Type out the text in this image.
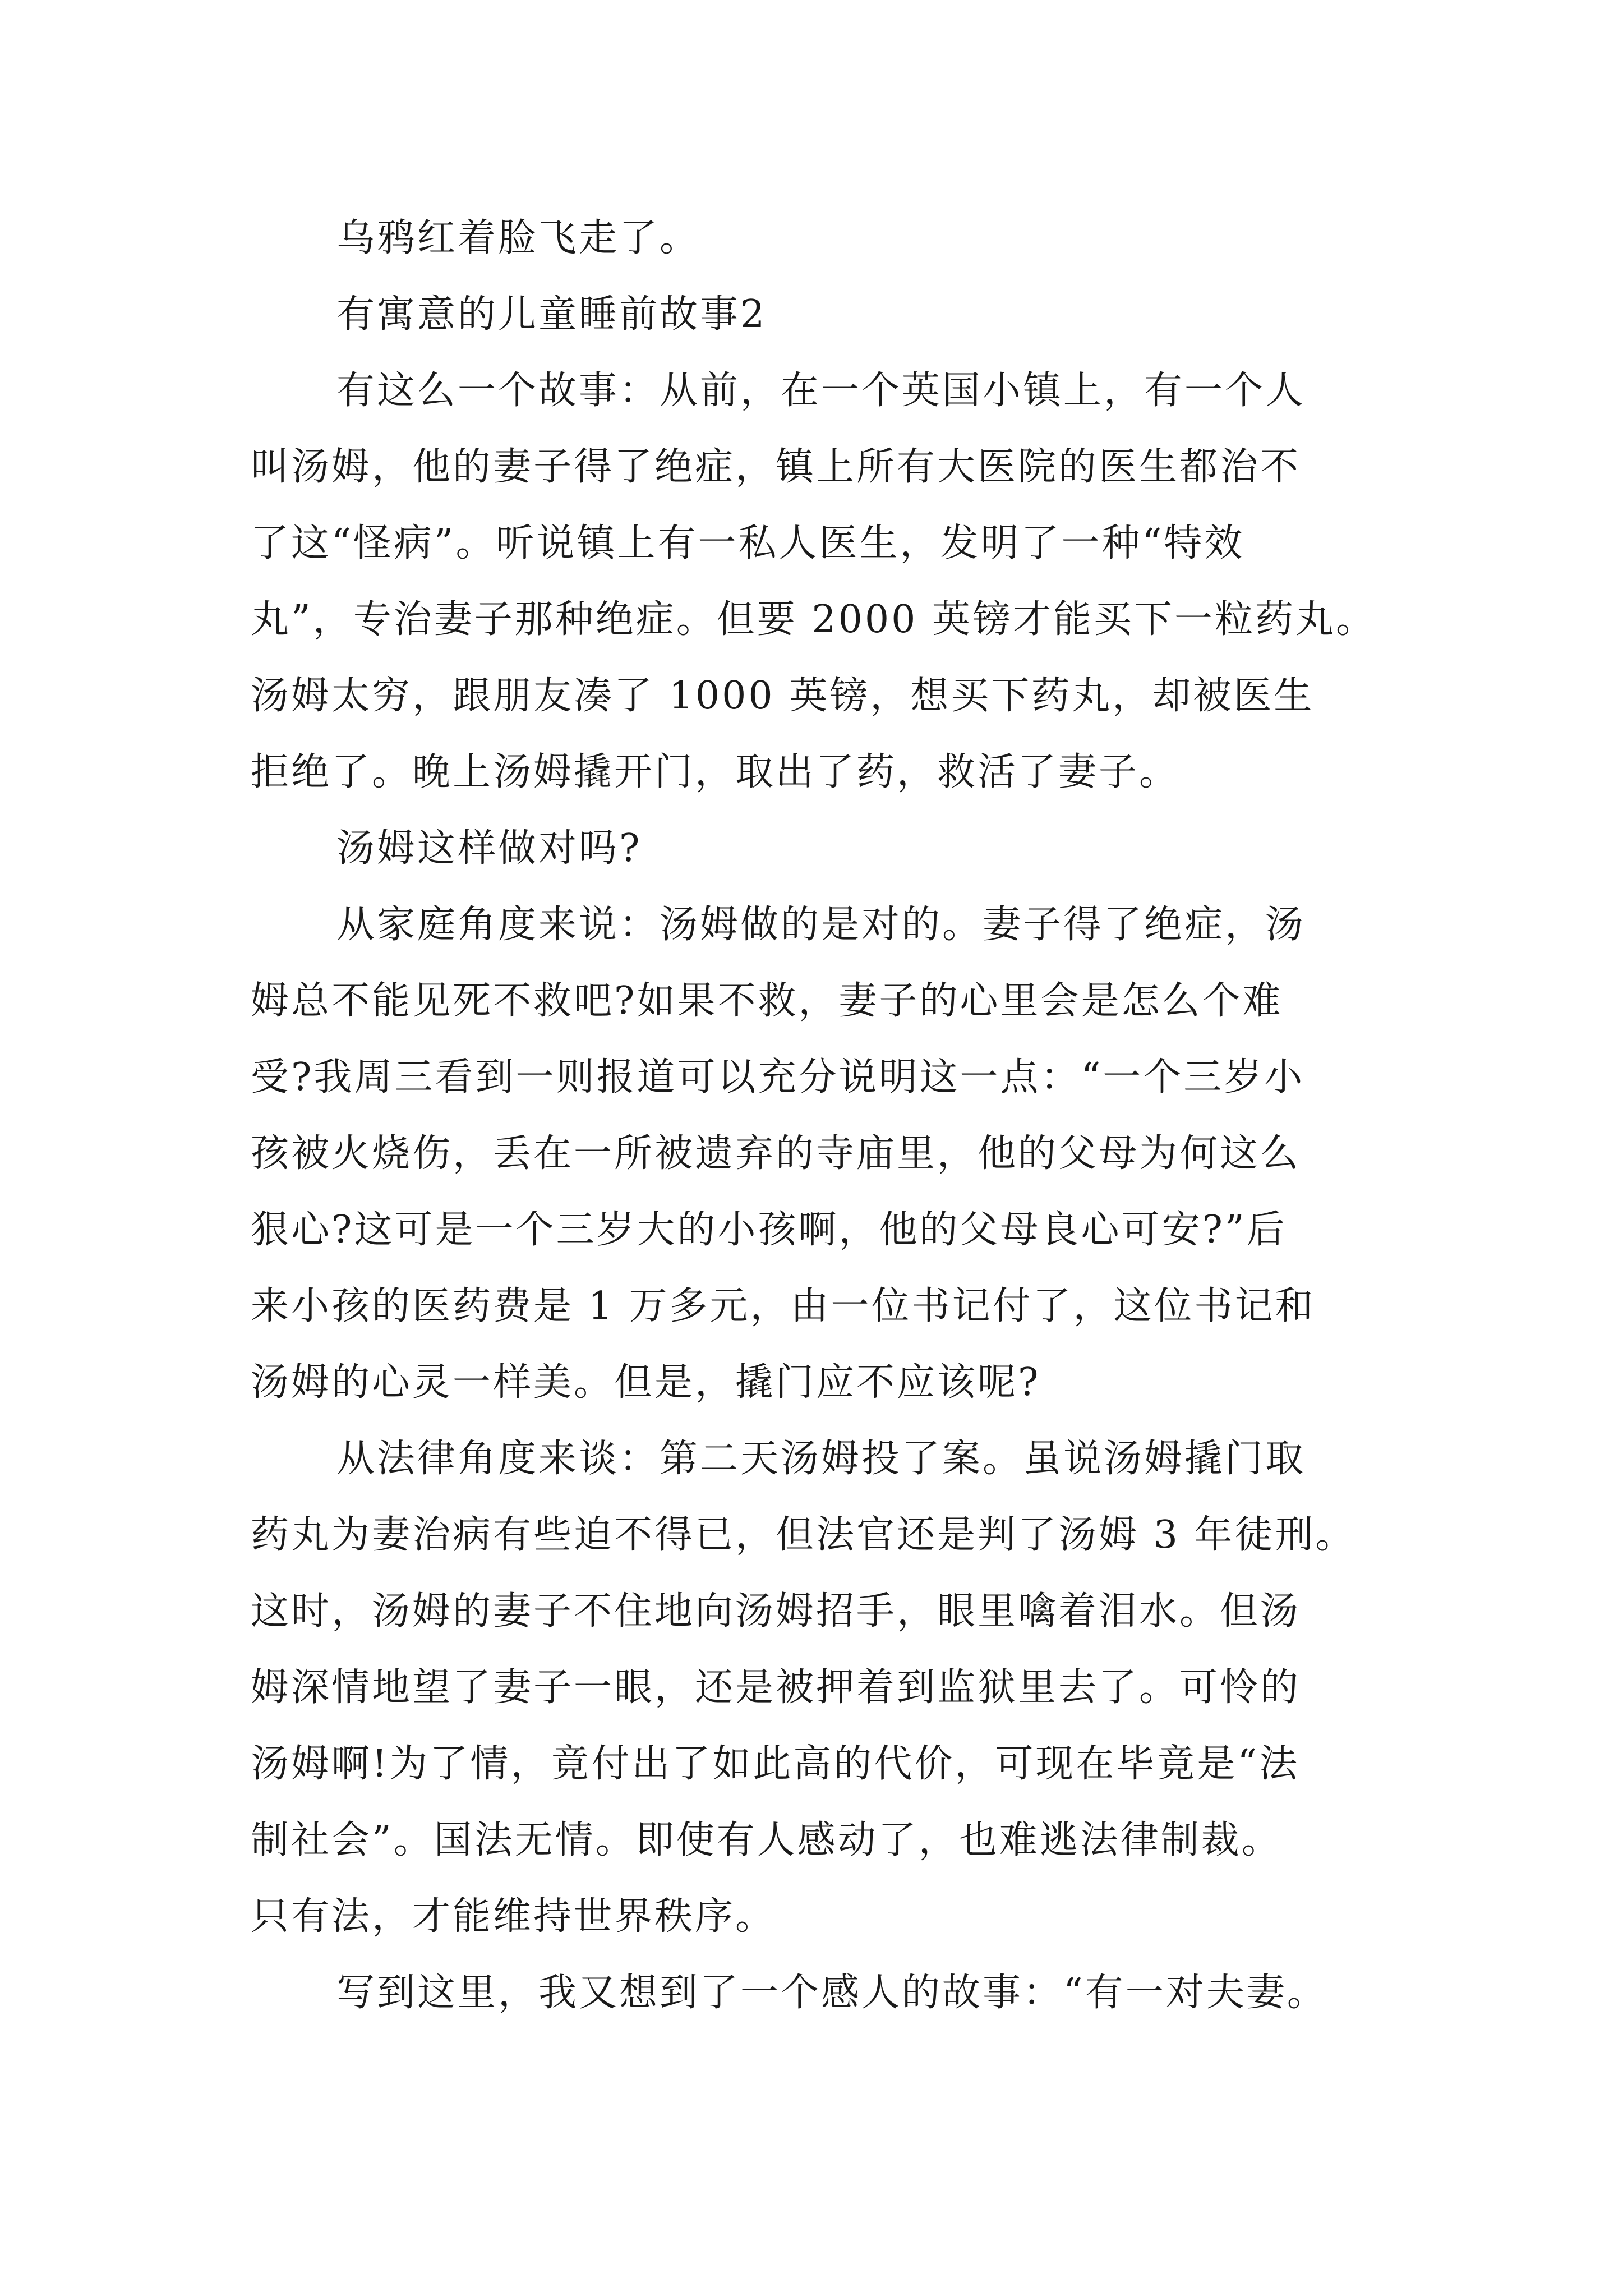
乌鸦红着脸飞走了。
有寓意的儿童睡前故事2
有这么一个故事：从前，在一个英国小镇上，有一个人
叫汤姆，他的妻子得了绝症，镇上所有大医院的医生都治不
了这“怪病”。听说镇上有一私人医生，发明了一种“特效
丸”，专治妻子那种绝症。但要 2000 英镑才能买下一粒药丸。
汤姆太穷，跟朋友凑了 1000 英镑，想买下药丸，却被医生
拒绝了。晚上汤姆撬开门，取出了药，救活了妻子。
汤姆这样做对吗?
从家庭角度来说：汤姆做的是对的。妻子得了绝症，汤
姆总不能见死不救吧?如果不救，妻子的心里会是怎么个难
受?我周三看到一则报道可以充分说明这一点：“一个三岁小
孩被火烧伤，丢在一所被遗弃的寺庙里，他的父母为何这么
狠心?这可是一个三岁大的小孩啊，他的父母良心可安?”后
来小孩的医药费是 1 万多元，由一位书记付了，这位书记和
汤姆的心灵一样美。但是，撬门应不应该呢?
从法律角度来谈：第二天汤姆投了案。虽说汤姆撬门取
药丸为妻治病有些迫不得已，但法官还是判了汤姆 3 年徒刑。
这时，汤姆的妻子不住地向汤姆招手，眼里噙着泪水。但汤
姆深情地望了妻子一眼，还是被押着到监狱里去了。可怜的
汤姆啊!为了情，竟付出了如此高的代价，可现在毕竟是“法
制社会”。国法无情。即使有人感动了，也难逃法律制裁。
只有法，才能维持世界秩序。
写到这里，我又想到了一个感人的故事：“有一对夫妻。
